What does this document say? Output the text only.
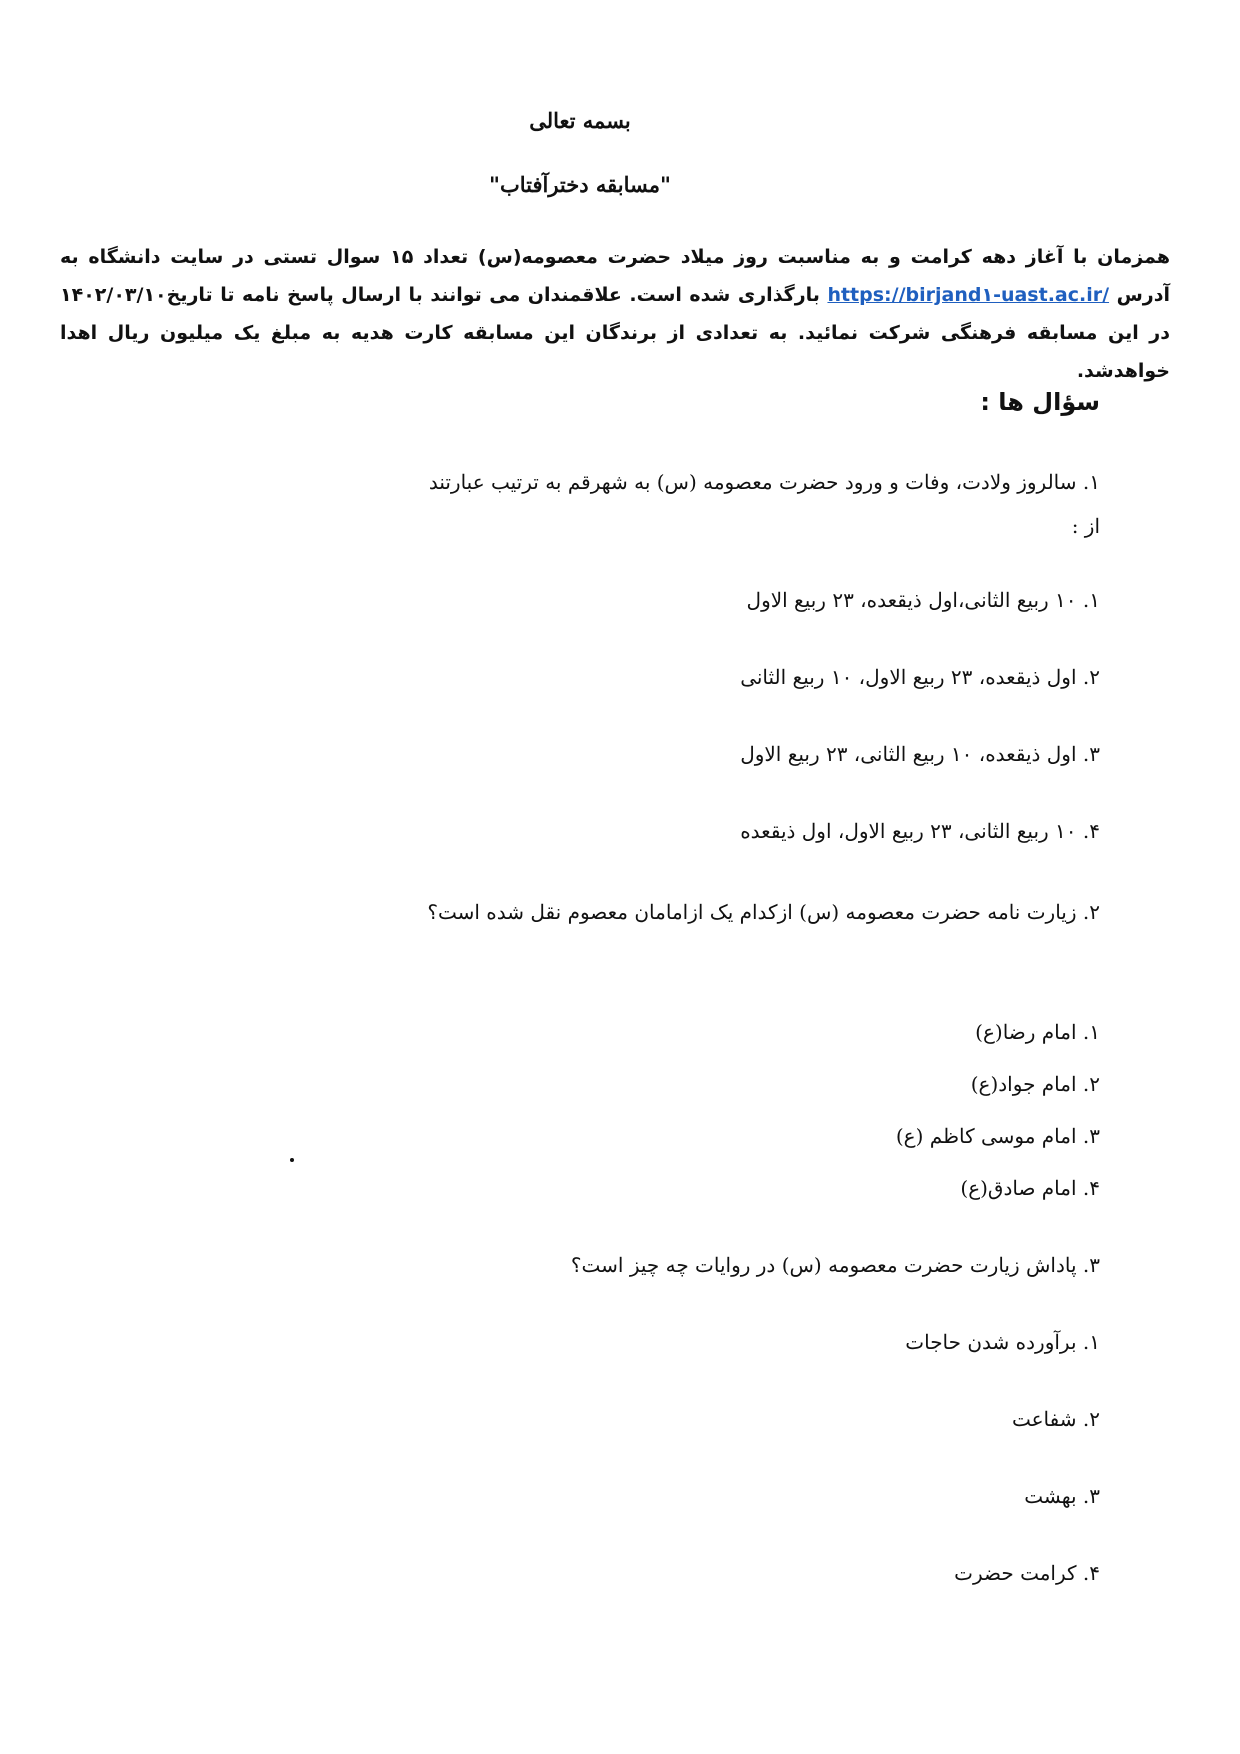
بسمه تعالی
"مسابقه دخترآفتاب"
همزمان با آغاز دهه کرامت و به مناسبت روز میلاد حضرت معصومه(س) تعداد ۱۵ سوال تستی در سایت دانشگاه به آدرس https://birjand۱-uast.ac.ir/ بارگذاری شده است. علاقمندان می توانند با ارسال پاسخ نامه تا تاریخ۱۴۰۲/۰۳/۱۰ در این مسابقه فرهنگی شرکت نمائید. به تعدادی از برندگان این مسابقه کارت هدیه به مبلغ یک میلیون ریال اهدا خواهدشد.
سؤال ها :
۱. سالروز ولادت، وفات و ورود حضرت معصومه (س) به شهرقم به ترتیب عبارتند از :
۱. ۱۰ ربیع الثانی،اول ذیقعده، ۲۳ ربیع الاول
۲. اول ذیقعده، ۲۳ ربیع الاول، ۱۰ ربیع الثانی
۳. اول ذیقعده، ۱۰ ربیع الثانی، ۲۳ ربیع الاول
۴. ۱۰ ربیع الثانی، ۲۳ ربیع الاول، اول ذیقعده
۲. زیارت نامه حضرت معصومه (س) ازکدام یک ازامامان معصوم نقل شده است؟
۱. امام رضا(ع)
۲. امام جواد(ع)
۳. امام موسی کاظم (ع)
۴. امام صادق(ع)
۳. پاداش زیارت حضرت معصومه (س) در روایات چه چیز است؟
۱. برآورده شدن حاجات
۲. شفاعت
۳. بهشت
۴. کرامت حضرت
